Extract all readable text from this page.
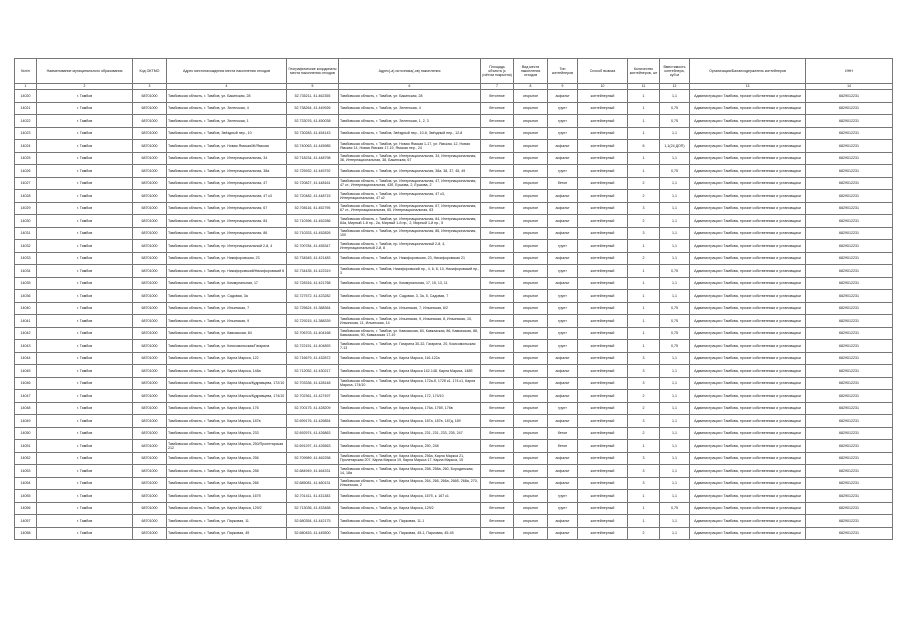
№п/п	Наименование муниципального образования	Код ОКТМО	Адрес местонахождения места накопления отходов	Географические координаты места накопления отходов	Адрес(-а) источника(-ов) накопления	Площадь объекта (с учётом покрытия)	Вид места накопления отходов	Тип контейнеров	Способ вывоза	Количество контейнеров, шт	Вместимость контейнера, куб.м	Организация/Балансодержатель контейнеров	ИНН
1	2	3	4	5	6	7	8	9	10	11	12	13	14
14020	г. Тамбов	68701000	Тамбовская область, г. Тамбов, ул. Бакинская, 28	52.735211, 41.462355	Тамбовская область, г. Тамбов, ул. Бакинская, 28	бетонное	открытое	асфальт	контейнерный	1	1,1	Администрация г.Тамбова, прочие собственники и установщики	6829012231
14021	г. Тамбов	68701000	Тамбовская область, г. Тамбов, ул. Зеленская, 4	52.738264, 41.449926	Тамбовская область, г. Тамбов, ул. Зеленская, 4	бетонное	открытое	грунт	контейнерный	1	0,75	Администрация г.Тамбова, прочие собственники и установщики	6829012231
14022	г. Тамбов	68701000	Тамбовская область, г. Тамбов, ул. Зеленская, 1	52.733076, 41.450038	Тамбовская область, г. Тамбов, ул. Зеленская, 1, 2, 3	бетонное	открытое	грунт	контейнерный	1	0,75	Администрация г.Тамбова, прочие собственники и установщики	6829012231
14023	г. Тамбов	68701000	Тамбовская область, г. Тамбов, Звёздный пер., 10	52.730283, 41.454143	Тамбовская область, г. Тамбов, Звёздный пер., 10-6, Звёздный пер., 12-8	бетонное	открытое	грунт	контейнерный	1	1,1	Администрация г.Тамбова, прочие собственники и установщики	6829012231
14024	г. Тамбов	68701000	Тамбовская область, г. Тамбов, ул. Новая Ямская/Ж/Ямская	52.740063, 41.445985	Тамбовская область, г. Тамбов, ул. Новая Ямская 1-17, ул. Ямская, 12, Новая Ямская 14, Новая Ямская 17-19, Ямская пер., 24	бетонное	открытое	асфальт	контейнерный	6	1,1(24 ДОП)	Администрация г.Тамбова, прочие собственники и установщики	6829012231
14025	г. Тамбов	68701000	Тамбовская область, г. Тамбов, ул. Интернациональная, 34	52.718234, 41.448798	Тамбовская область, г. Тамбов, ул. Интернациональная, 34, Интернациональная, 36, Интернациональная, 38, Бакинская, 67	бетонное	открытое	асфальт	контейнерный	1	1,1	Администрация г.Тамбова, прочие собственники и установщики	6829012231
14026	г. Тамбов	68701000	Тамбовская область, г. Тамбов, ул. Интернациональная, 38а	52.725932, 41.445792	Тамбовская область, г. Тамбов, ул. Интернациональная, 38а, 38, 37, 45, 49	бетонное	открытое	грунт	контейнерный	1	0,75	Администрация г.Тамбова, прочие собственники и установщики	6829012231
14027	г. Тамбов	68701000	Тамбовская область, г. Тамбов, ул. Интернациональная, 47	52.720827, 41.448161	Тамбовская область, г. Тамбов, ул. Интернациональная, 47, Интернациональная, 47 ст., Интернациональная, 43б, Ершова, 2, Ершова, 2	бетонное	открытое	бетон	контейнерный	2	1,1	Администрация г.Тамбова, прочие собственники и установщики	6829012231
14028	г. Тамбов	68701000	Тамбовская область, г. Тамбов, ул. Интернациональная, 47 к3	52.720482, 41.448715	Тамбовская область, г. Тамбов, ул. Интернациональная, 47 к3, Интернациональная, 47 к2	бетонное	открытое	асфальт	контейнерный	2	1,1	Администрация г.Тамбова, прочие собственники и установщики	6829012231
14029	г. Тамбов	68701000	Тамбовская область, г. Тамбов, ул. Интернациональная, 67	52.708116, 41.452795	Тамбовская область, г. Тамбов, ул. Интернациональная, 67, Интернациональная, 67 ст., Интернациональная, 65, Интернациональная, 63	бетонное	открытое	асфальт	контейнерный	3	1,1	Администрация г.Тамбова, прочие собственники и установщики	6829012231
14030	г. Тамбов	68701000	Тамбовская область, г. Тамбов, ул. Интернациональная, 84	52.710396, 41.452286	Тамбовская область, г. Тамбов, ул. Интернациональная, 84, Интернациональная, 84а, Мирный 1-й пр., 2а, Мирный 1-й пр., 2, Мирный 1-й пр., 5	бетонное	открытое	асфальт	контейнерный	2	1,1	Администрация г.Тамбова, прочие собственники и установщики	6829012231
14031	г. Тамбов	68701000	Тамбовская область, г. Тамбов, ул. Интернациональная, 86	52.710333, 41.452826	Тамбовская область, г. Тамбов, ул. Интернациональная, 86, Интернациональная, 100	бетонное	открытое	асфальт	контейнерный	3	1,1	Администрация г.Тамбова, прочие собственники и установщики	6829012231
14032	г. Тамбов	68701000	Тамбовская область, г. Тамбов, пр. Интернациональный 2-й, 4	52.700784, 41.455347	Тамбовская область, г. Тамбов, пр. Интернациональный 2-й, 4, Интернациональный 2-й, 8	бетонное	открытое	грунт	контейнерный	1	1,1	Администрация г.Тамбова, прочие собственники и установщики	6829012231
14033	г. Тамбов	68701000	Тамбовская область, г. Тамбов, ул. Никифоровская, 23	52.734545, 41.421483	Тамбовская область, г. Тамбов, ул. Никифоровская, 23, Никифоровская 21	бетонное	открытое	асфальт	контейнерный	2	1,1	Администрация г.Тамбова, прочие собственники и установщики	6829012231
14034	г. Тамбов	68701000	Тамбовская область, г. Тамбов, пр. Никифоровский/Никифоровский 6	52.734435, 41.422319	Тамбовская область, г. Тамбов, Никифоровский пр., 4, 6, 8, 10, Никифоровский пр., 3	бетонное	открытое	грунт	контейнерный	1	0,75	Администрация г.Тамбова, прочие собственники и установщики	6829012231
14035	г. Тамбов	68701000	Тамбовская область, г. Тамбов, ул. Коммунальная, 17	52.728316, 41.421768	Тамбовская область, г. Тамбов, ул. Коммунальная, 17, 15, 13, 11	бетонное	открытое	асфальт	контейнерный	1	1,1	Администрация г.Тамбова, прочие собственники и установщики	6829012231
14036	г. Тамбов	68701000	Тамбовская область, г. Тамбов, ул. Садовая, 3а	52.727572, 41.423282	Тамбовская область, г. Тамбов, ул. Садовая, 3, 3а, 5, Садовая, 7	бетонное	открытое	грунт	контейнерный	1	1,1	Администрация г.Тамбова, прочие собственники и установщики	6829012231
14040	г. Тамбов	68701000	Тамбовская область, г. Тамбов, ул. Ильинская, 7	52.725624, 41.388364	Тамбовская область, г. Тамбов, ул. Ильинская, 7, Ильинская, 6/2	бетонное	открытое	грунт	контейнерный	1	0,75	Администрация г.Тамбова, прочие собственники и установщики	6829012231
14041	г. Тамбов	68701000	Тамбовская область, г. Тамбов, ул. Ильинская, 9	52.729215, 41.388339	Тамбовская область, г. Тамбов, ул. Ильинская, 9, Ильинская, 8, Ильинская, 10, Ильинская, 11, Ильинская, 14	бетонное	открытое	грунт	контейнерный	1	0,75	Администрация г.Тамбова, прочие собственники и установщики	6829012231
14042	г. Тамбов	68701000	Тамбовская область, г. Тамбов, ул. Кавказская, 84	52.706703, 41.404168	Тамбовская область, г. Тамбов, ул. Кавказская, 84, Кавказская, 86, Кавказская, 88, Кавказская, 90, Кавказская 17-19	бетонное	открытое	грунт	контейнерный	1	0,75	Администрация г.Тамбова, прочие собственники и установщики	6829012231
14043	г. Тамбов	68701000	Тамбовская область, г. Тамбов, ул. Комсомольская/Гагарина	52.722151, 41.404893	Тамбовская область, г. Тамбов, ул. Гагарина 30-32, Гагарина, 20, Комсомольская 7-13	бетонное	открытое	грунт	контейнерный	1	0,75	Администрация г.Тамбова, прочие собственники и установщики	6829012231
14044	г. Тамбов	68701000	Тамбовская область, г. Тамбов, ул. Карла Маркса, 122	52.716679, 41.432872	Тамбовская область, г. Тамбов, ул. Карла Маркса, 116-122а	бетонное	открытое	асфальт	контейнерный	3	1,1	Администрация г.Тамбова, прочие собственники и установщики	6829012231
14045	г. Тамбов	68701000	Тамбовская область, г. Тамбов, ул. Карла Маркса, 148а	52.712052, 41.430217	Тамбовская область, г. Тамбов, ул. Карла Маркса 142-148, Карла Маркса, 148б	бетонное	открытое	асфальт	контейнерный	3	1,1	Администрация г.Тамбова, прочие собственники и установщики	6829012231
14046	г. Тамбов	68701000	Тамбовская область, г. Тамбов, ул. Карла Маркса/Кудрявцева, 172/10	52.703336, 41.428148	Тамбовская область, г. Тамбов, ул. Карла Маркса, 172а-б, 172б к1, 174 к1, Карла Маркса, 174/10	бетонное	открытое	асфальт	контейнерный	3	1,1	Администрация г.Тамбова, прочие собственники и установщики	6829012231
14047	г. Тамбов	68701000	Тамбовская область, г. Тамбов, ул. Карла Маркса/Кудрявцева, 174/10	52.702361, 41.427497	Тамбовская область, г. Тамбов, ул. Карла Маркса, 172, 174/10	бетонное	открытое	асфальт	контейнерный	2	1,1	Администрация г.Тамбова, прочие собственники и установщики	6829012231
14048	г. Тамбов	68701000	Тамбовская область, г. Тамбов, ул. Карла Маркса, 176	52.700175, 41.428209	Тамбовская область, г. Тамбов, ул. Карла Маркса, 176а, 176б, 176в	бетонное	открытое	грунт	контейнерный	2	1,1	Администрация г.Тамбова, прочие собственники и установщики	6829012231
14049	г. Тамбов	68701000	Тамбовская область, г. Тамбов, ул. Карла Маркса, 187в	52.699176, 41.426854	Тамбовская область, г. Тамбов, ул. Карла Маркса, 187а, 187в, 187д, 189	бетонное	открытое	асфальт	контейнерный	3	1,1	Администрация г.Тамбова, прочие собственники и установщики	6829012231
14050	г. Тамбов	68701000	Тамбовская область, г. Тамбов, ул. Карла Маркса, 233	52.692974, 41.426863	Тамбовская область, г. Тамбов, ул. Карла Маркса, 231, 231, 233, 235, 247	бетонное	открытое	бетон	контейнерный	2	1,1	Администрация г.Тамбова, прочие собственники и установщики	6829012231
14051	г. Тамбов	68701000	Тамбовская область, г. Тамбов, ул. Карла Маркса, 250/Пролетарская 212	52.691297, 41.426563	Тамбовская область, г. Тамбов, ул. Карла Маркса, 250, 248	бетонное	открытое	бетон	контейнерный	1	1,1	Администрация г.Тамбова, прочие собственники и установщики	6829012231
14052	г. Тамбов	68701000	Тамбовская область, г. Тамбов, ул. Карла Маркса, 256	52.709989, 41.462258	Тамбовская область, г. Тамбов, ул. Карла Маркса, 256а, Карла Маркса 21, Пролетарская 207, Карла Маркса 19, Карла Маркса 17, Карла Маркса, 15	бетонное	открытое	асфальт	контейнерный	3	1,1	Администрация г.Тамбова, прочие собственники и установщики	6829012231
14053	г. Тамбов	68701000	Тамбовская область, г. Тамбов, ул. Карла Маркса, 258	52.684949, 41.464331	Тамбовская область, г. Тамбов, ул. Карла Маркса, 258, 258а, 260, Бородинская, 14, 18а	бетонное	открытое	асфальт	контейнерный	3	1,1	Администрация г.Тамбова, прочие собственники и установщики	6829012231
14054	г. Тамбов	68701000	Тамбовская область, г. Тамбов, ул. Карла Маркса, 266	52.685081, 41.460131	Тамбовская область, г. Тамбов, ул. Карла Маркса, 264, 266, 266а, 266б, 268а, 270, Ильинская, 2	бетонное	открытое	асфальт	контейнерный	3	1,1	Администрация г.Тамбова, прочие собственники и установщики	6829012231
14055	г. Тамбов	68701000	Тамбовская область, г. Тамбов, ул. Карла Маркса, 167б	52.701411, 41.431383	Тамбовская область, г. Тамбов, ул. Карла Маркса, 167б, к. 167 к1	бетонное	открытое	грунт	контейнерный	1	1,1	Администрация г.Тамбова, прочие собственники и установщики	6829012231
14056	г. Тамбов	68701000	Тамбовская область, г. Тамбов, ул. Карла Маркса, 129/2	52.713036, 41.433468	Тамбовская область, г. Тамбов, ул. Карла Маркса, 129/2	бетонное	открытое	грунт	контейнерный	1	0,75	Администрация г.Тамбова, прочие собственники и установщики	6829012231
14057	г. Тамбов	68701000	Тамбовская область, г. Тамбов, ул. Парковая, 11	52.680354, 41.442175	Тамбовская область, г. Тамбов, ул. Парковая, 11-1	бетонное	открытое	асфальт	контейнерный	1	1,1	Администрация г.Тамбова, прочие собственники и установщики	6829012231
14058	г. Тамбов	68701000	Тамбовская область, г. Тамбов, ул. Парковая, 45	52.680453, 41.445500	Тамбовская область, г. Тамбов, ул. Парковая, 45-1, Парковая, 45-45	бетонное	открытое	асфальт	контейнерный	2	1,1	Администрация г.Тамбова, прочие собственники и установщики	6829012231
